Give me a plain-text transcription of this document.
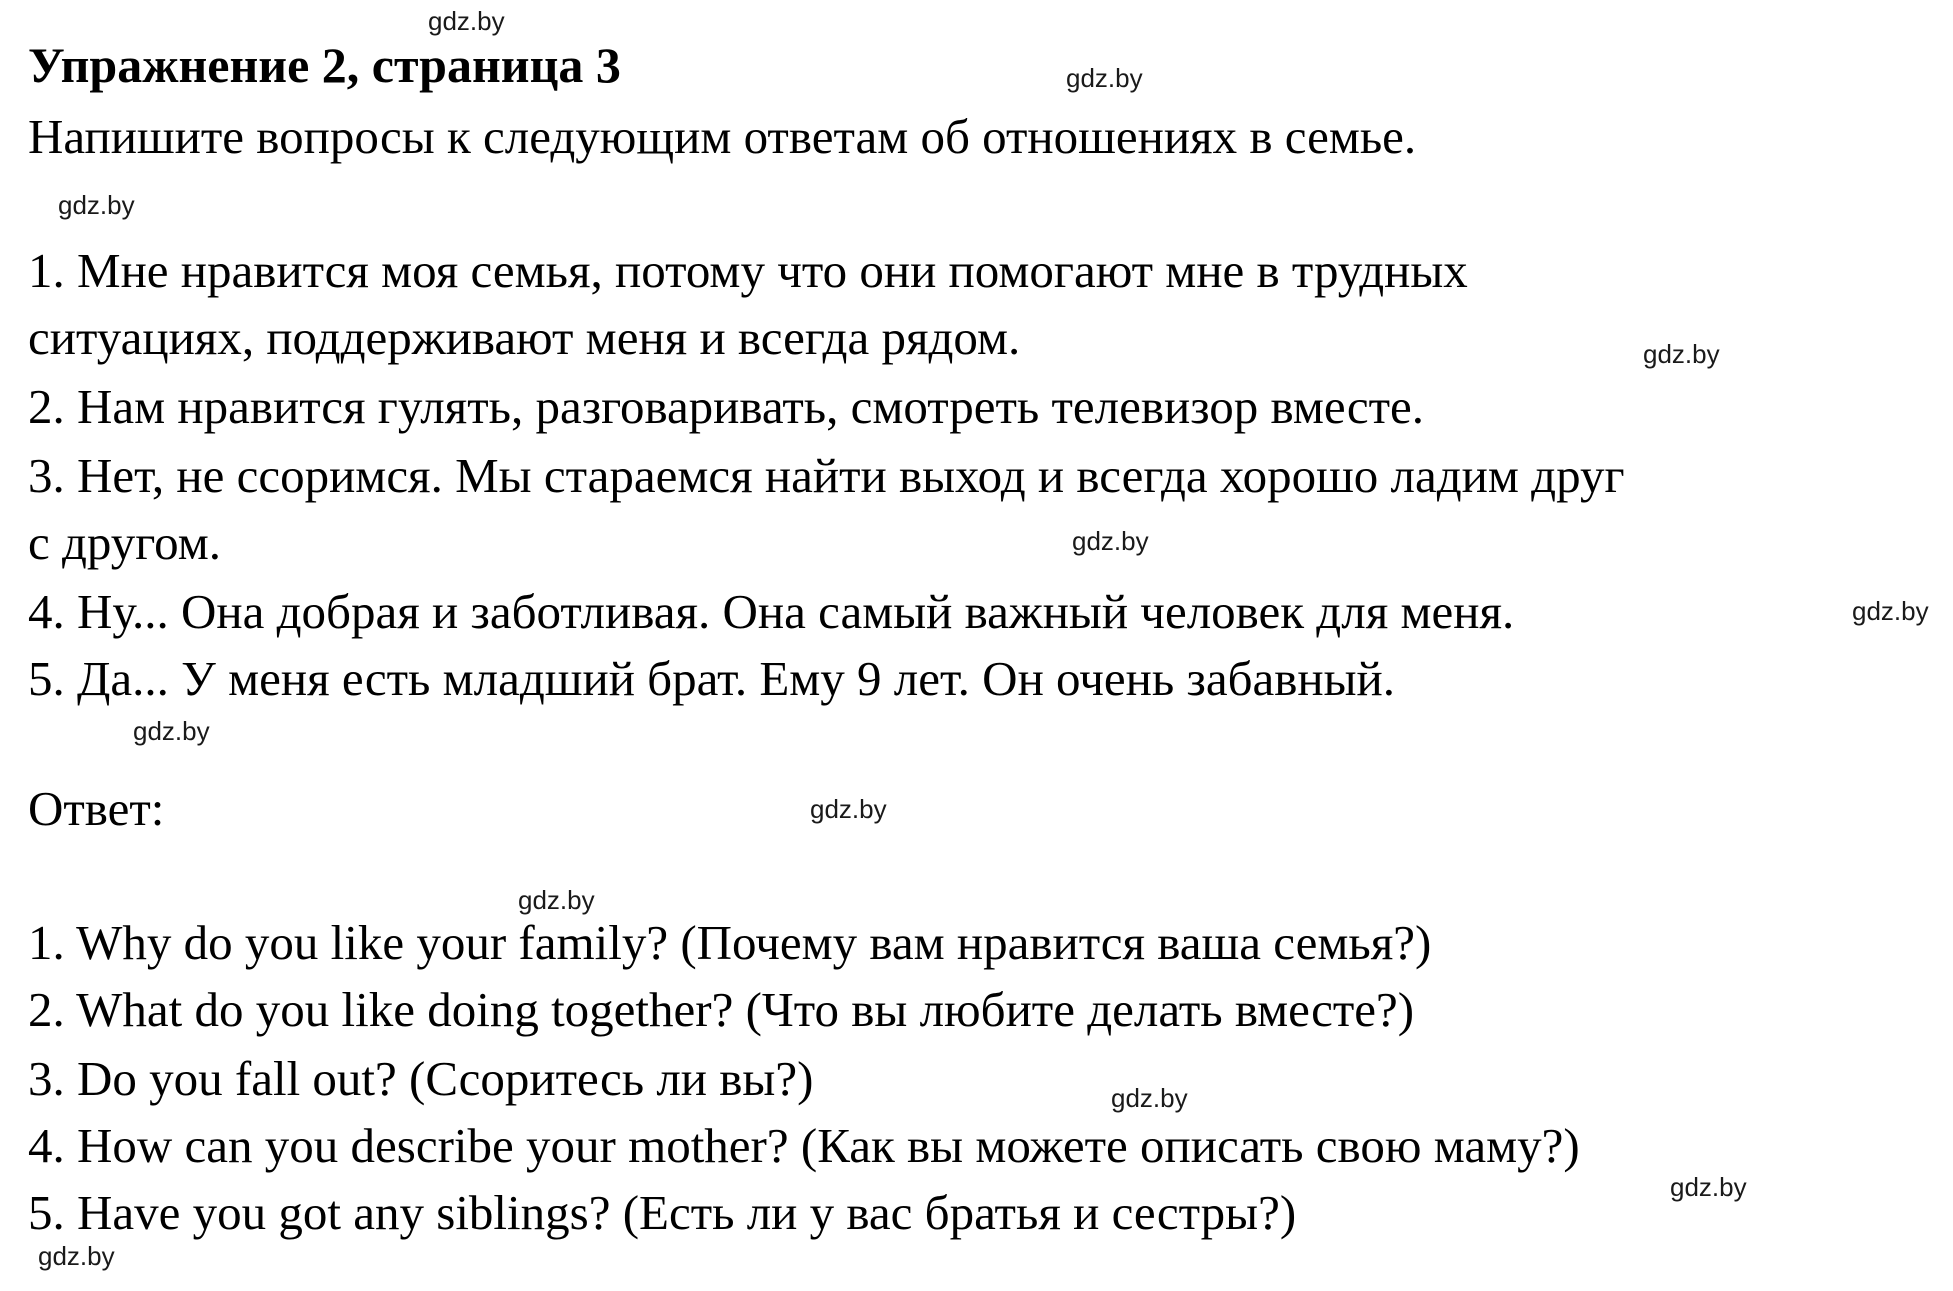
gdz.by
gdz.by
gdz.by
gdz.by
gdz.by
gdz.by
gdz.by
gdz.by
gdz.by
gdz.by
gdz.by
gdz.by
Упражнение 2, страница 3
Напишите вопросы к следующим ответам об отношениях в семье.
1. Мне нравится моя семья, потому что они помогают мне в трудных
ситуациях, поддерживают меня и всегда рядом.
2. Нам нравится гулять, разговаривать, смотреть телевизор вместе.
3. Нет, не ссоримся. Мы стараемся найти выход и всегда хорошо ладим друг
с другом.
4. Ну... Она добрая и заботливая. Она самый важный человек для меня.
5. Да... У меня есть младший брат. Ему 9 лет. Он очень забавный.
Ответ:
1. Why do you like your family? (Почему вам нравится ваша семья?)
2. What do you like doing together? (Что вы любите делать вместе?)
3. Do you fall out? (Ссоритесь ли вы?)
4. How can you describe your mother? (Как вы можете описать свою маму?)
5. Have you got any siblings? (Есть ли у вас братья и сестры?)
